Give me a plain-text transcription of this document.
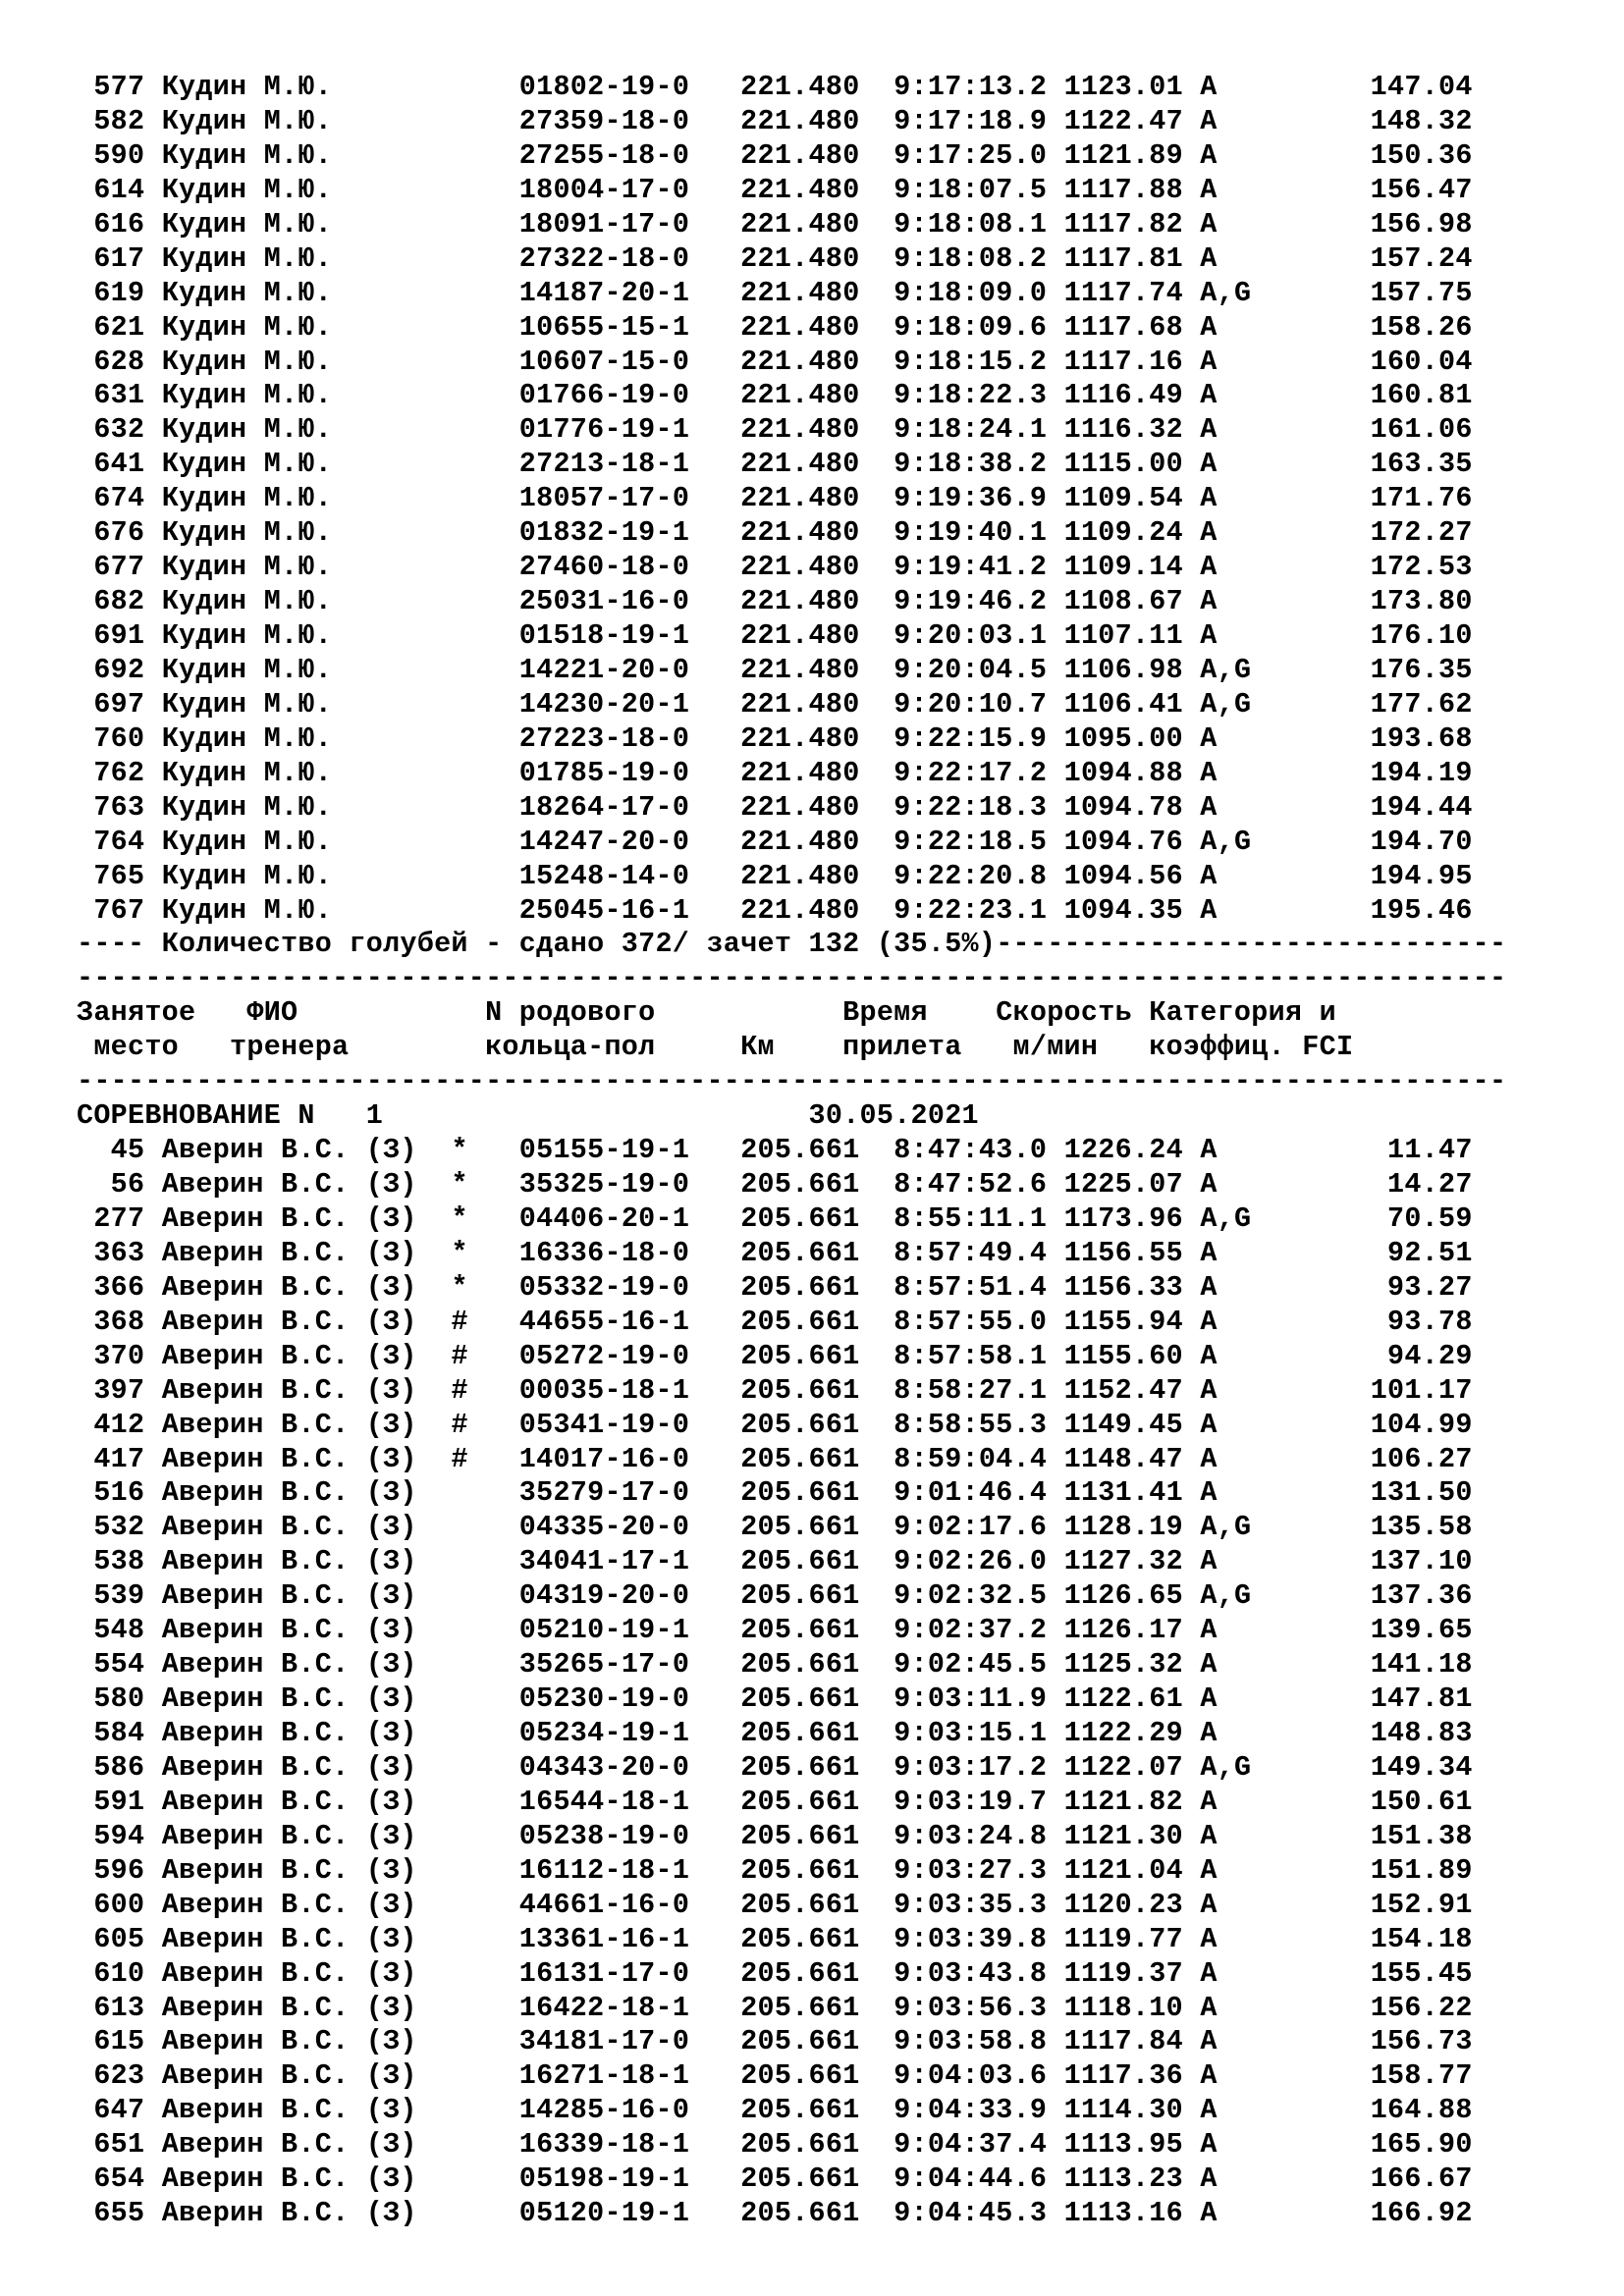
577 Кудин М.Ю.           01802-19-0   221.480  9:17:13.2 1123.01 A         147.04
582 Кудин М.Ю.           27359-18-0   221.480  9:17:18.9 1122.47 A         148.32
590 Кудин М.Ю.           27255-18-0   221.480  9:17:25.0 1121.89 A         150.36
614 Кудин М.Ю.           18004-17-0   221.480  9:18:07.5 1117.88 A         156.47
616 Кудин М.Ю.           18091-17-0   221.480  9:18:08.1 1117.82 A         156.98
617 Кудин М.Ю.           27322-18-0   221.480  9:18:08.2 1117.81 A         157.24
619 Кудин М.Ю.           14187-20-1   221.480  9:18:09.0 1117.74 A,G       157.75
621 Кудин М.Ю.           10655-15-1   221.480  9:18:09.6 1117.68 A         158.26
628 Кудин М.Ю.           10607-15-0   221.480  9:18:15.2 1117.16 A         160.04
631 Кудин М.Ю.           01766-19-0   221.480  9:18:22.3 1116.49 A         160.81
632 Кудин М.Ю.           01776-19-1   221.480  9:18:24.1 1116.32 A         161.06
641 Кудин М.Ю.           27213-18-1   221.480  9:18:38.2 1115.00 A         163.35
674 Кудин М.Ю.           18057-17-0   221.480  9:19:36.9 1109.54 A         171.76
676 Кудин М.Ю.           01832-19-1   221.480  9:19:40.1 1109.24 A         172.27
677 Кудин М.Ю.           27460-18-0   221.480  9:19:41.2 1109.14 A         172.53
682 Кудин М.Ю.           25031-16-0   221.480  9:19:46.2 1108.67 A         173.80
691 Кудин М.Ю.           01518-19-1   221.480  9:20:03.1 1107.11 A         176.10
692 Кудин М.Ю.           14221-20-0   221.480  9:20:04.5 1106.98 A,G       176.35
697 Кудин М.Ю.           14230-20-1   221.480  9:20:10.7 1106.41 A,G       177.62
760 Кудин М.Ю.           27223-18-0   221.480  9:22:15.9 1095.00 A         193.68
762 Кудин М.Ю.           01785-19-0   221.480  9:22:17.2 1094.88 A         194.19
763 Кудин М.Ю.           18264-17-0   221.480  9:22:18.3 1094.78 A         194.44
764 Кудин М.Ю.           14247-20-0   221.480  9:22:18.5 1094.76 A,G       194.70
765 Кудин М.Ю.           15248-14-0   221.480  9:22:20.8 1094.56 A         194.95
767 Кудин М.Ю.           25045-16-1   221.480  9:22:23.1 1094.35 A         195.46
---- Количество голубей - сдано 372/ зачет 132 (35.5%)------------------------------
------------------------------------------------------------------------------------
Занятое   ФИО           N родового           Время    Скорость Категория и
место   тренера        кольца-пол     Км    прилета   м/мин   коэффиц. FCI
------------------------------------------------------------------------------------
СОРЕВНОВАНИЕ N   1	30.05.2021
45 Аверин В.С. (З)  *   05155-19-1   205.661  8:47:43.0 1226.24 A          11.47
56 Аверин В.С. (З)  *   35325-19-0   205.661  8:47:52.6 1225.07 A          14.27
277 Аверин В.С. (З)  *   04406-20-1   205.661  8:55:11.1 1173.96 A,G        70.59
363 Аверин В.С. (З)  *   16336-18-0   205.661  8:57:49.4 1156.55 A          92.51
366 Аверин В.С. (З)  *   05332-19-0   205.661  8:57:51.4 1156.33 A          93.27
368 Аверин В.С. (З)  #   44655-16-1   205.661  8:57:55.0 1155.94 A          93.78
370 Аверин В.С. (З)  #   05272-19-0   205.661  8:57:58.1 1155.60 A          94.29
397 Аверин В.С. (З)  #   00035-18-1   205.661  8:58:27.1 1152.47 A         101.17
412 Аверин В.С. (З)  #   05341-19-0   205.661  8:58:55.3 1149.45 A         104.99
417 Аверин В.С. (З)  #   14017-16-0   205.661  8:59:04.4 1148.47 A         106.27
516 Аверин В.С. (З)      35279-17-0   205.661  9:01:46.4 1131.41 A         131.50
532 Аверин В.С. (З)      04335-20-0   205.661  9:02:17.6 1128.19 A,G       135.58
538 Аверин В.С. (З)      34041-17-1   205.661  9:02:26.0 1127.32 A         137.10
539 Аверин В.С. (З)      04319-20-0   205.661  9:02:32.5 1126.65 A,G       137.36
548 Аверин В.С. (З)      05210-19-1   205.661  9:02:37.2 1126.17 A         139.65
554 Аверин В.С. (З)      35265-17-0   205.661  9:02:45.5 1125.32 A         141.18
580 Аверин В.С. (З)      05230-19-0   205.661  9:03:11.9 1122.61 A         147.81
584 Аверин В.С. (З)      05234-19-1   205.661  9:03:15.1 1122.29 A         148.83
586 Аверин В.С. (З)      04343-20-0   205.661  9:03:17.2 1122.07 A,G       149.34
591 Аверин В.С. (З)      16544-18-1   205.661  9:03:19.7 1121.82 A         150.61
594 Аверин В.С. (З)      05238-19-0   205.661  9:03:24.8 1121.30 A         151.38
596 Аверин В.С. (З)      16112-18-1   205.661  9:03:27.3 1121.04 A         151.89
600 Аверин В.С. (З)      44661-16-0   205.661  9:03:35.3 1120.23 A         152.91
605 Аверин В.С. (З)      13361-16-1   205.661  9:03:39.8 1119.77 A         154.18
610 Аверин В.С. (З)      16131-17-0   205.661  9:03:43.8 1119.37 A         155.45
613 Аверин В.С. (З)      16422-18-1   205.661  9:03:56.3 1118.10 A         156.22
615 Аверин В.С. (З)      34181-17-0   205.661  9:03:58.8 1117.84 A         156.73
623 Аверин В.С. (З)      16271-18-1   205.661  9:04:03.6 1117.36 A         158.77
647 Аверин В.С. (З)      14285-16-0   205.661  9:04:33.9 1114.30 A         164.88
651 Аверин В.С. (З)      16339-18-1   205.661  9:04:37.4 1113.95 A         165.90
654 Аверин В.С. (З)      05198-19-1   205.661  9:04:44.6 1113.23 A         166.67
655 Аверин В.С. (З)      05120-19-1   205.661  9:04:45.3 1113.16 A         166.92
